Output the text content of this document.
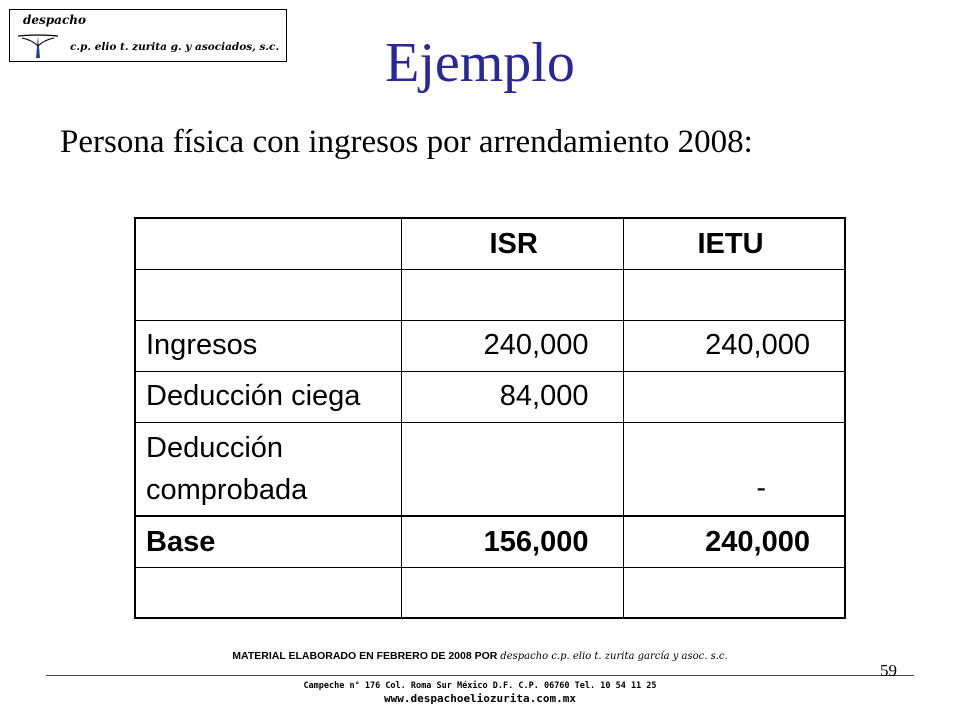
despacho
c.p. elio t. zurita g. y asociados, s.c.	Ejemplo
Persona física con ingresos por arrendamiento 2008:
	ISR	IETU

Ingresos	240,000	240,000
Deducción ciega	84,000	
Deducción
comprobada		-
Base	156,000	240,000

MATERIAL ELABORADO EN FEBRERO DE 2008 POR despacho c.p. elio t. zurita garcía y asoc. s.c.
59
Campeche n° 176 Col. Roma Sur México D.F. C.P. 06760 Tel. 10 54 11 25
www.despachoeliozurita.com.mx
